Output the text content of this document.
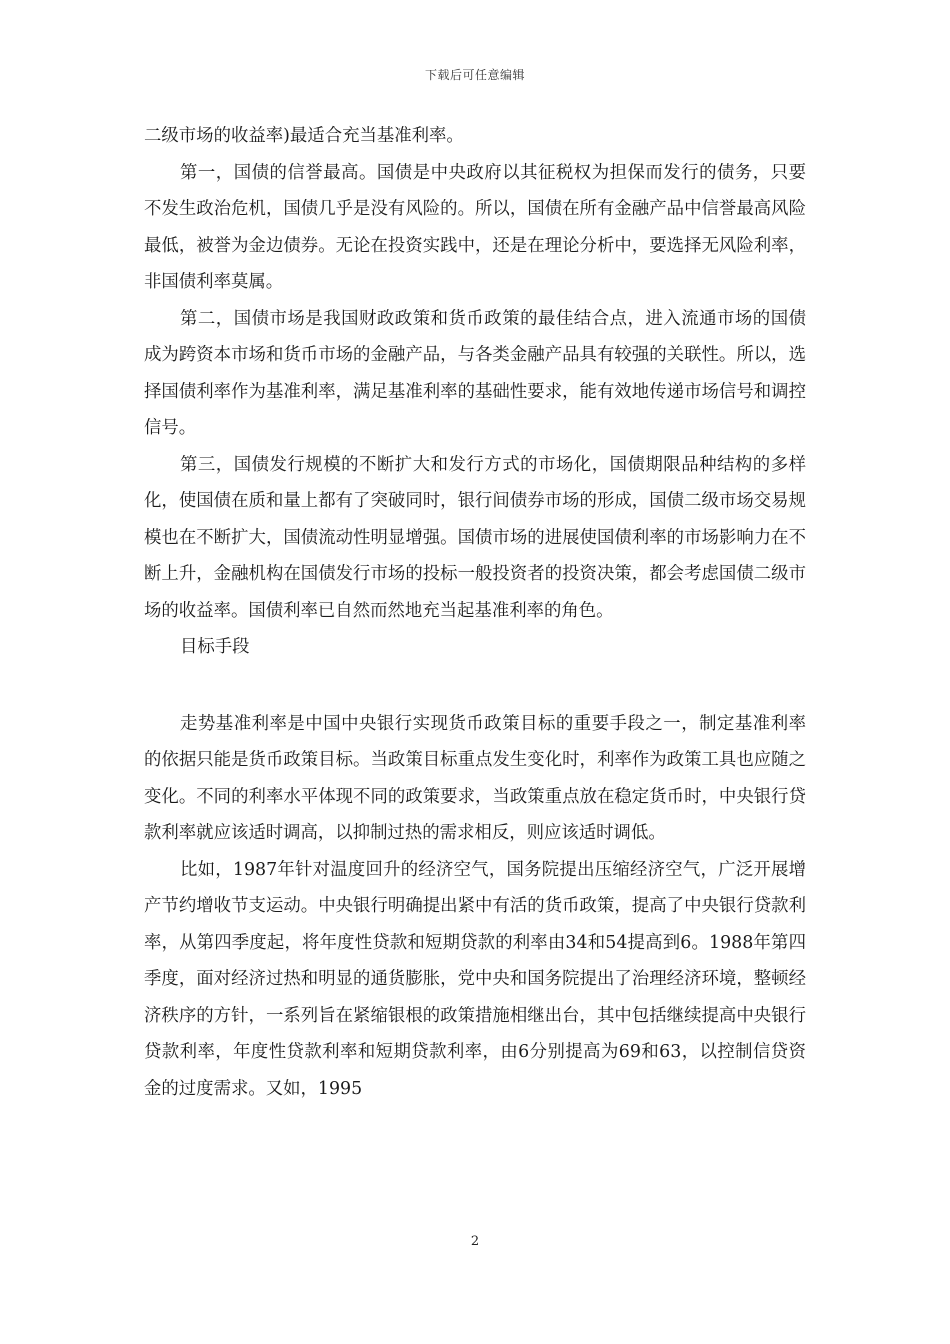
下载后可任意编辑

二级市场的收益率)最适合充当基准利率。

第一，国债的信誉最高。国债是中央政府以其征税权为担保而发行的债务，只要不发生政治危机，国债几乎是没有风险的。所以，国债在所有金融产品中信誉最高风险最低，被誉为金边债券。无论在投资实践中，还是在理论分析中，要选择无风险利率，非国债利率莫属。

第二，国债市场是我国财政政策和货币政策的最佳结合点，进入流通市场的国债成为跨资本市场和货币市场的金融产品，与各类金融产品具有较强的关联性。所以，选择国债利率作为基准利率，满足基准利率的基础性要求，能有效地传递市场信号和调控信号。

第三，国债发行规模的不断扩大和发行方式的市场化，国债期限品种结构的多样化，使国债在质和量上都有了突破同时，银行间债券市场的形成，国债二级市场交易规模也在不断扩大，国债流动性明显增强。国债市场的进展使国债利率的市场影响力在不断上升，金融机构在国债发行市场的投标一般投资者的投资决策，都会考虑国债二级市场的收益率。国债利率已自然而然地充当起基准利率的角色。

目标手段

走势基准利率是中国中央银行实现货币政策目标的重要手段之一，制定基准利率的依据只能是货币政策目标。当政策目标重点发生变化时，利率作为政策工具也应随之变化。不同的利率水平体现不同的政策要求，当政策重点放在稳定货币时，中央银行贷款利率就应该适时调高，以抑制过热的需求相反，则应该适时调低。

比如，1987年针对温度回升的经济空气，国务院提出压缩经济空气，广泛开展增产节约增收节支运动。中央银行明确提出紧中有活的货币政策，提高了中央银行贷款利率，从第四季度起，将年度性贷款和短期贷款的利率由34和54提高到6。1988年第四季度，面对经济过热和明显的通货膨胀，党中央和国务院提出了治理经济环境，整顿经济秩序的方针，一系列旨在紧缩银根的政策措施相继出台，其中包括继续提高中央银行贷款利率，年度性贷款利率和短期贷款利率，由6分别提高为69和63，以控制信贷资金的过度需求。又如，1995

2
